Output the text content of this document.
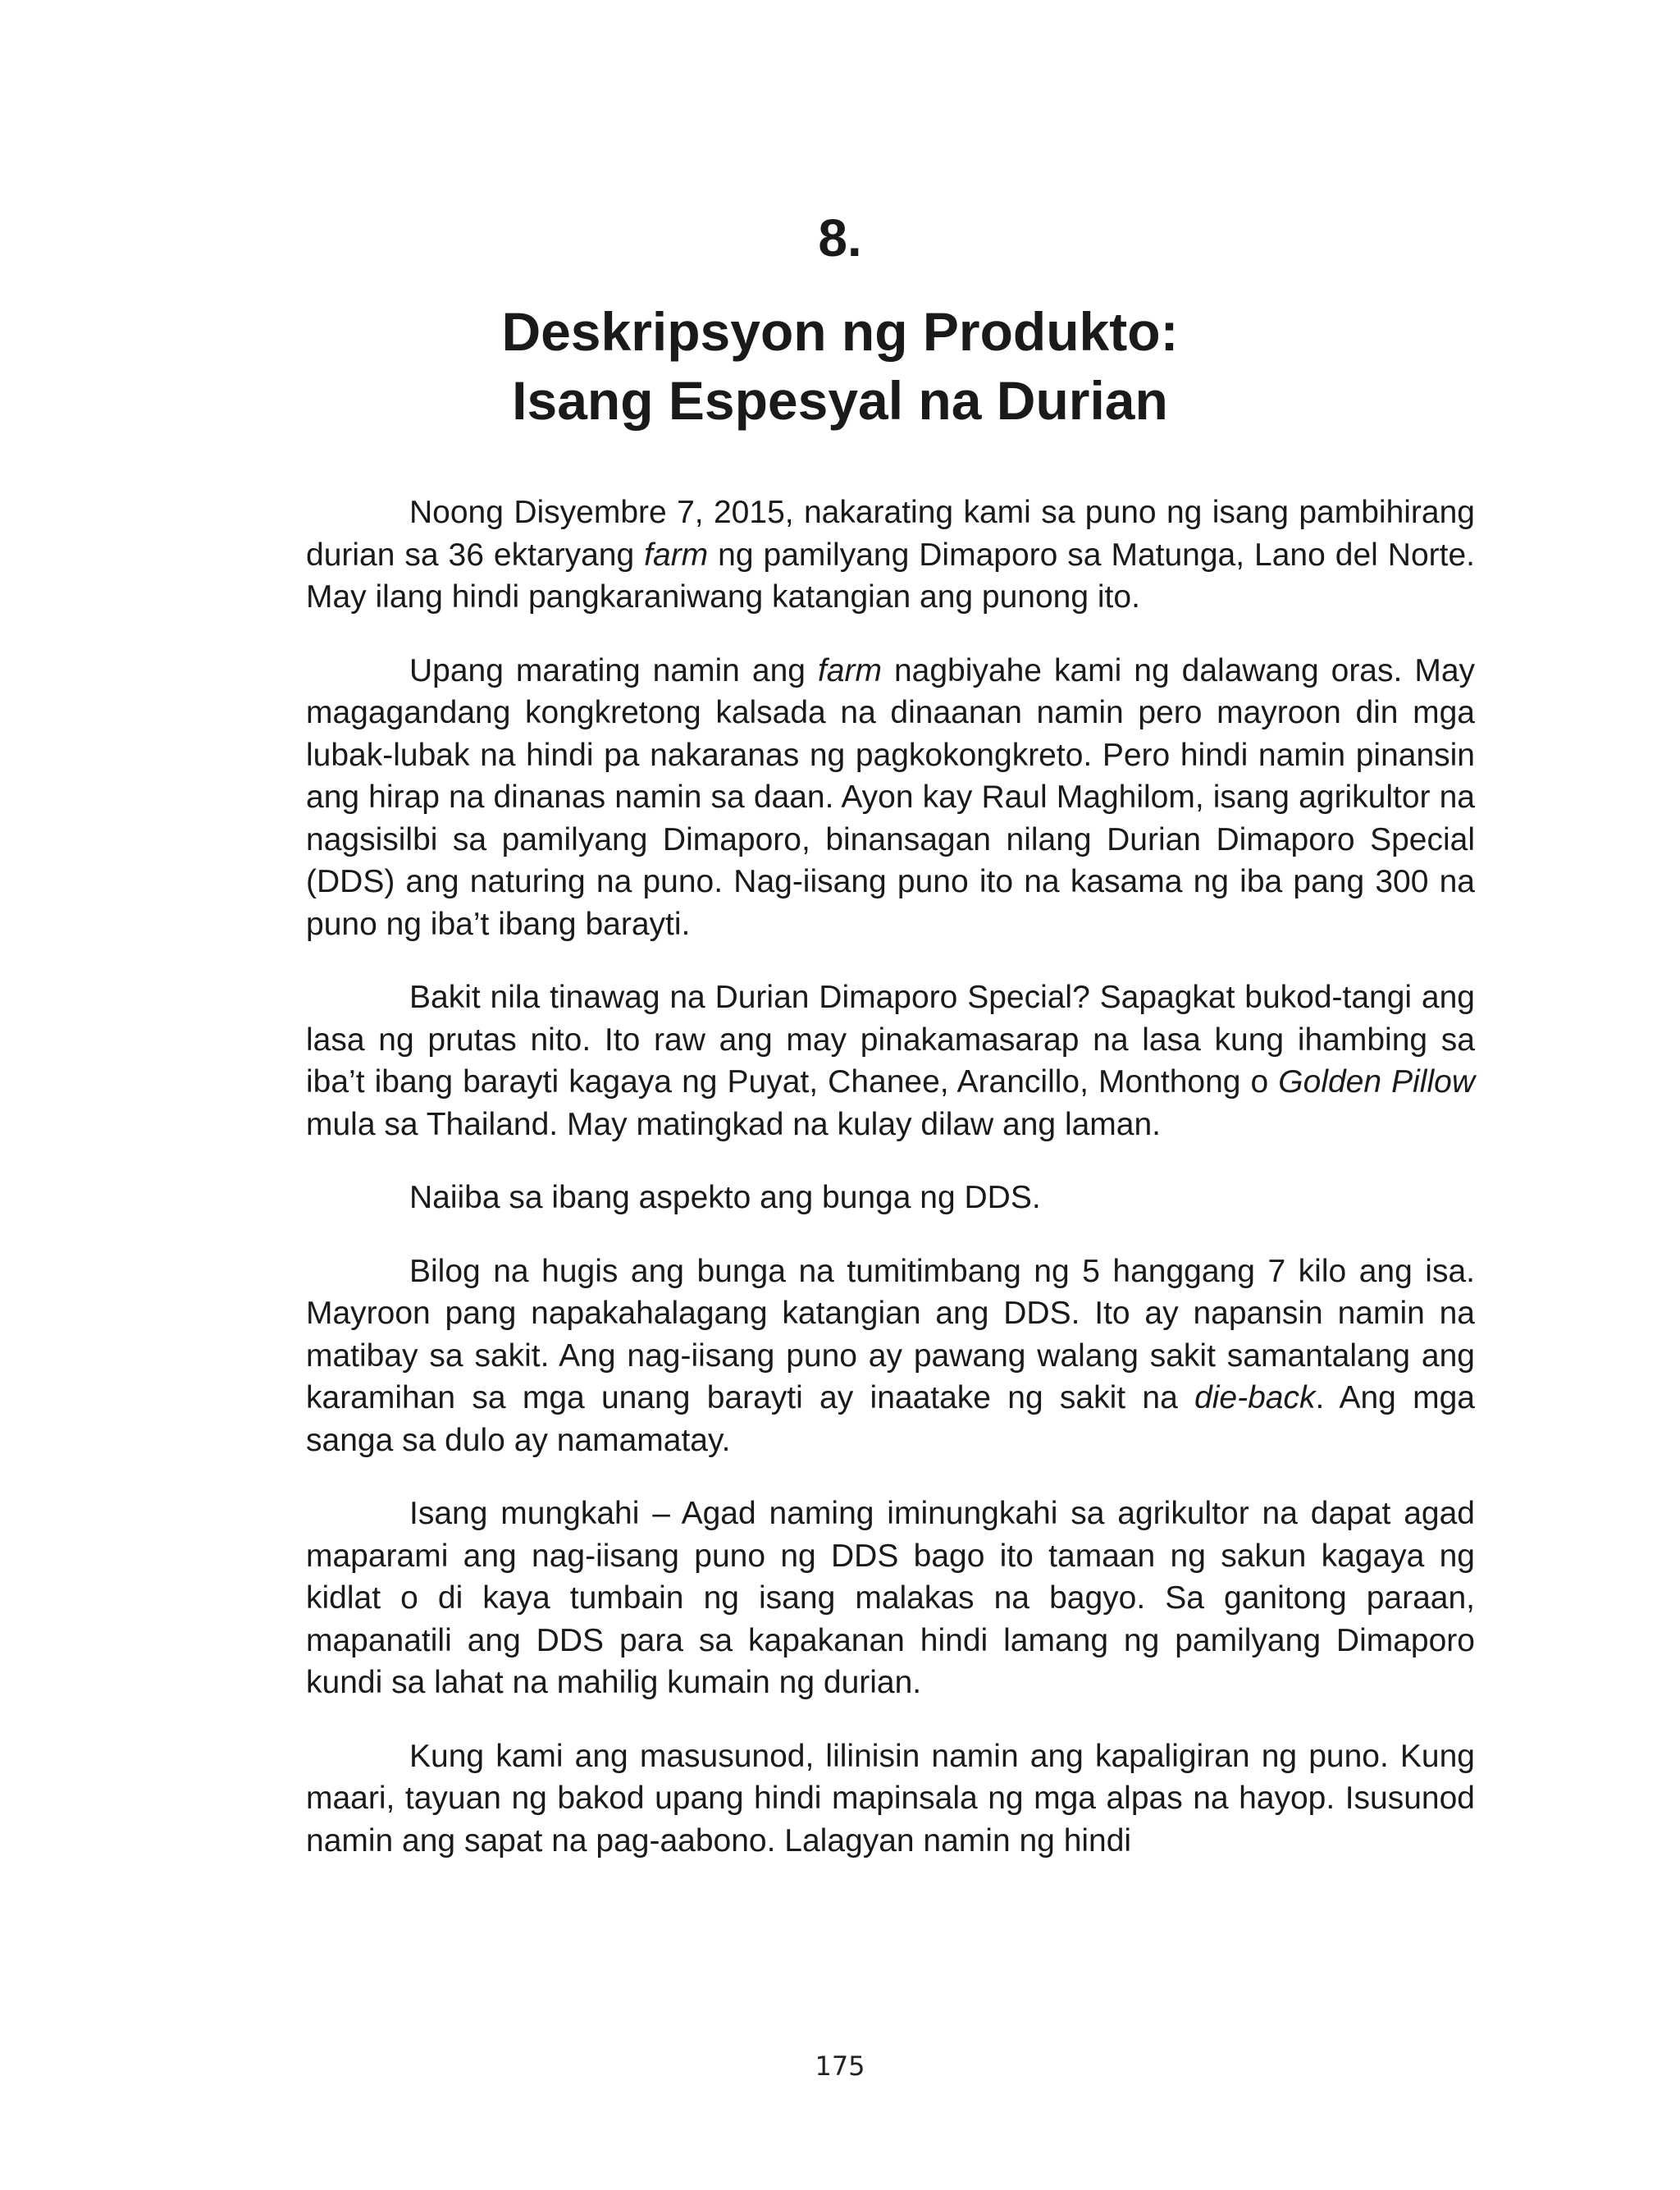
8.
Deskripsyon ng Produkto:
Isang Espesyal na Durian

Noong Disyembre 7, 2015, nakarating kami sa puno ng isang pambihirang durian sa 36 ektaryang farm ng pamilyang Dimaporo sa Matunga, Lano del Norte. May ilang hindi pangkaraniwang katangian ang punong ito.

Upang marating namin ang farm nagbiyahe kami ng dalawang oras. May magagandang kongkretong kalsada na dinaanan namin pero mayroon din mga lubak-lubak na hindi pa nakaranas ng pagkokongkreto. Pero hindi namin pinansin ang hirap na dinanas namin sa daan. Ayon kay Raul Maghilom, isang agrikultor na nagsisilbi sa pamilyang Dimaporo, binansagan nilang Durian Dimaporo Special (DDS) ang naturing na puno. Nag-iisang puno ito na kasama ng iba pang 300 na puno ng iba’t ibang barayti.

Bakit nila tinawag na Durian Dimaporo Special? Sapagkat bukod-tangi ang lasa ng prutas nito. Ito raw ang may pinakamasarap na lasa kung ihambing sa iba’t ibang barayti kagaya ng Puyat, Chanee, Arancillo, Monthong o Golden Pillow mula sa Thailand. May matingkad na kulay dilaw ang laman.

Naiiba sa ibang aspekto ang bunga ng DDS.

Bilog na hugis ang bunga na tumitimbang ng 5 hanggang 7 kilo ang isa. Mayroon pang napakahalagang katangian ang DDS. Ito ay napansin namin na matibay sa sakit. Ang nag-iisang puno ay pawang walang sakit samantalang ang karamihan sa mga unang barayti ay inaatake ng sakit na die-back. Ang mga sanga sa dulo ay namamatay.

Isang mungkahi – Agad naming iminungkahi sa agrikultor na dapat agad maparami ang nag-iisang puno ng DDS bago ito tamaan ng sakun kagaya ng kidlat o di kaya tumbain ng isang malakas na bagyo. Sa ganitong paraan, mapanatili ang DDS para sa kapakanan hindi lamang ng pamilyang Dimaporo kundi sa lahat na mahilig kumain ng durian.

Kung kami ang masusunod, lilinisin namin ang kapaligiran ng puno. Kung maari, tayuan ng bakod upang hindi mapinsala ng mga alpas na hayop. Isusunod namin ang sapat na pag-aabono. Lalagyan namin ng hindi

175
